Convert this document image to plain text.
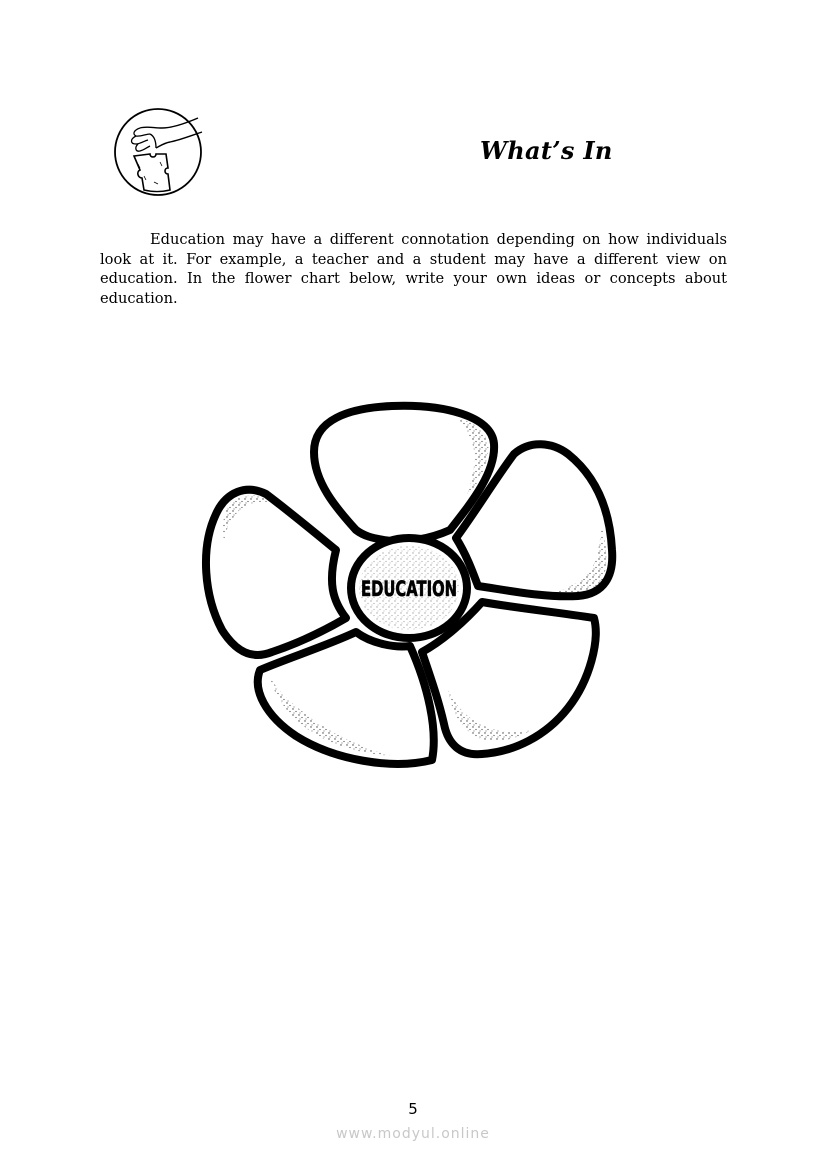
What’s In

Education may have a different connotation depending on how individuals look at it. For example, a teacher and a student may have a different view on education. In the flower chart below, write your own ideas or concepts about education.

EDUCATION
5
www.modyul.online
